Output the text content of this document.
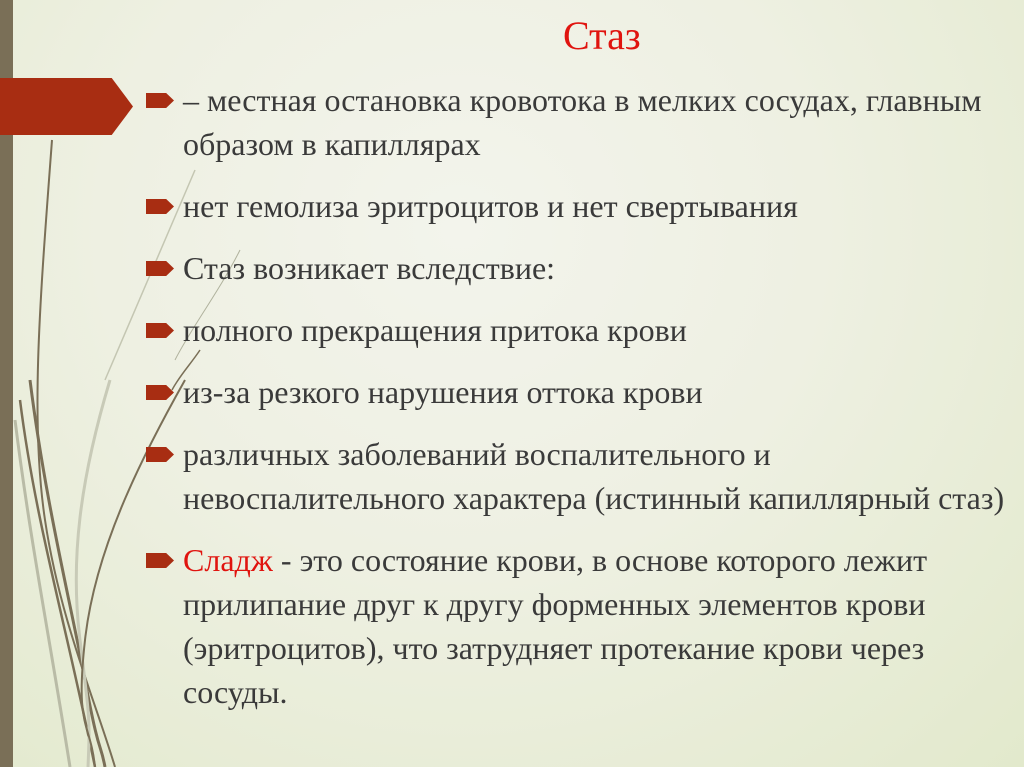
Стаз
– местная остановка кровотока в мелких сосудах, главным образом в капиллярах
нет гемолиза эритроцитов и нет свертывания
Стаз возникает вследствие:
полного прекращения притока крови
из-за резкого нарушения оттока крови
различных заболеваний воспалительного и невоспалительного характера (истинный капиллярный стаз)
Сладж - это состояние крови, в основе которого лежит прилипание друг к другу форменных элементов крови (эритроцитов), что затрудняет протекание крови через сосуды.
